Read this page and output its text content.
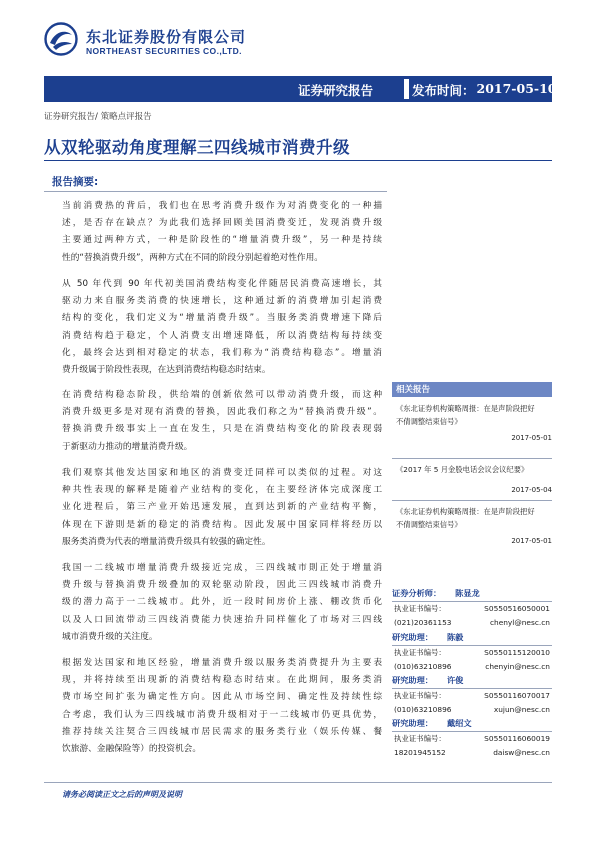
东北证券股份有限公司
NORTHEAST SECURITIES CO.,LTD.
证券研究报告	发布时间： 2017-05-10
证券研究报告/ 策略点评报告
从双轮驱动角度理解三四线城市消费升级
报告摘要:
当前消费热的背后，我们也在思考消费升级作为对消费变化的一种描
述，是否存在缺点？为此我们选择回顾美国消费变迁，发现消费升级
主要通过两种方式，一种是阶段性的“增量消费升级”，另一种是持续
性的“替换消费升级”，两种方式在不同的阶段分别起着绝对性作用。
从 50 年代到 90 年代初美国消费结构变化伴随居民消费高速增长，其
驱动力来自服务类消费的快速增长，这种通过新的消费增加引起消费
结构的变化，我们定义为“增量消费升级”。当服务类消费增速下降后
消费结构趋于稳定，个人消费支出增速降低，所以消费结构每持续变
化，最终会达到相对稳定的状态，我们称为“消费结构稳态”。增量消
费升级属于阶段性表现，在达到消费结构稳态时结束。
在消费结构稳态阶段，供给端的创新依然可以带动消费升级，而这种
消费升级更多是对现有消费的替换，因此我们称之为“替换消费升级”。
替换消费升级事实上一直在发生，只是在消费结构变化的阶段表现弱
于新驱动力推动的增量消费升级。
我们观察其他发达国家和地区的消费变迁同样可以类似的过程。对这
种共性表现的解释是随着产业结构的变化，在主要经济体完成深度工
业化进程后，第三产业开始迅速发展，直到达到新的产业结构平衡，
体现在下游則是新的稳定的消费结构。因此发展中国家同样将经历以
服务类消费为代表的增量消费升级具有较强的确定性。
我国一二线城市增量消费升级接近完成，三四线城市則正处于增量消
费升级与替换消费升级叠加的双轮驱动阶段，因此三四线城市消费升
级的潜力高于一二线城市。此外，近一段时间房价上涨、棚改货币化
以及人口回流带动三四线消费能力快速抬升同样催化了市场对三四线
城市消费升级的关注度。
根据发达国家和地区经验，增量消费升级以服务类消费提升为主要表
现，并将持续至出现新的消费结构稳态时结束。在此期间，服务类消
费市场空间扩张为确定性方向。因此从市场空间、确定性及持续性综
合考虑，我们认为三四线城市消费升级相对于一二线城市仍更具优势，
推荐持续关注契合三四线城市居民需求的服务类行业（娱乐传媒、餐
饮旅游、金融保险等）的投资机会。
相关报告
《东北证券机构策略周报：在是声阶段把好
不倩调整结束信号》
2017-05-01
《2017 年 5 月金股电话会议会议纪要》
2017-05-04
《东北证券机构策略周报：在是声阶段把好
不倩调整结束信号》
2017-05-01
证券分析师： 陈显龙
执业证书编号：	S0550516050001
(021)20361153	chenyl@nesc.cn
研究助理： 陈毅
执业证书编号：	S0550115120010
(010)63210896	chenyin@nesc.cn
研究助理： 许俊
执业证书编号：	S0550116070017
(010)63210896	xujun@nesc.cn
研究助理： 戴绍文
执业证书编号：	S0550116060019
18201945152	daisw@nesc.cn
请务必阅读正文之后的声明及说明
